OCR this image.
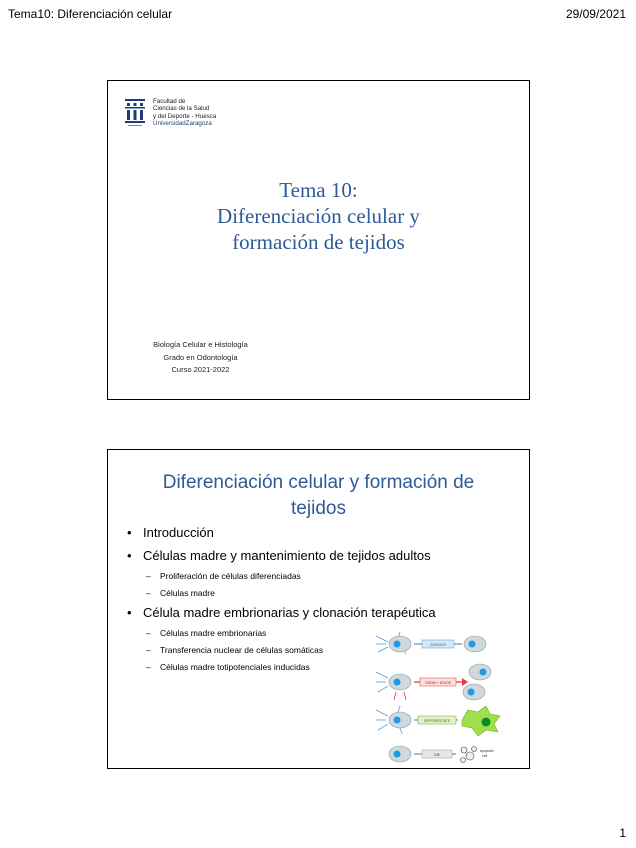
Tema10: Diferenciación celular	29/09/2021
Facultad de
Ciencias de la Salud
y del Deporte - Huesca
UniversidadZaragoza
Tema 10:
Diferenciación celular y
formación de tejidos
Biología Celular e Histología
Grado en Odontología
Curso 2021-2022
Diferenciación celular y formación de
tejidos
• Introducción
• Células madre y mantenimiento de tejidos adultos
– Proliferación de células diferenciadas
– Células madre
• Célula madre embrionarias y clonación terapéutica
– Células madre embrionarias
– Transferencia nuclear de células somáticas
– Células madre totipotenciales inducidas
SURVIVE
GROW + DIVIDE
DIFFERENTIATE
DIE
apoptotic
cell
1
